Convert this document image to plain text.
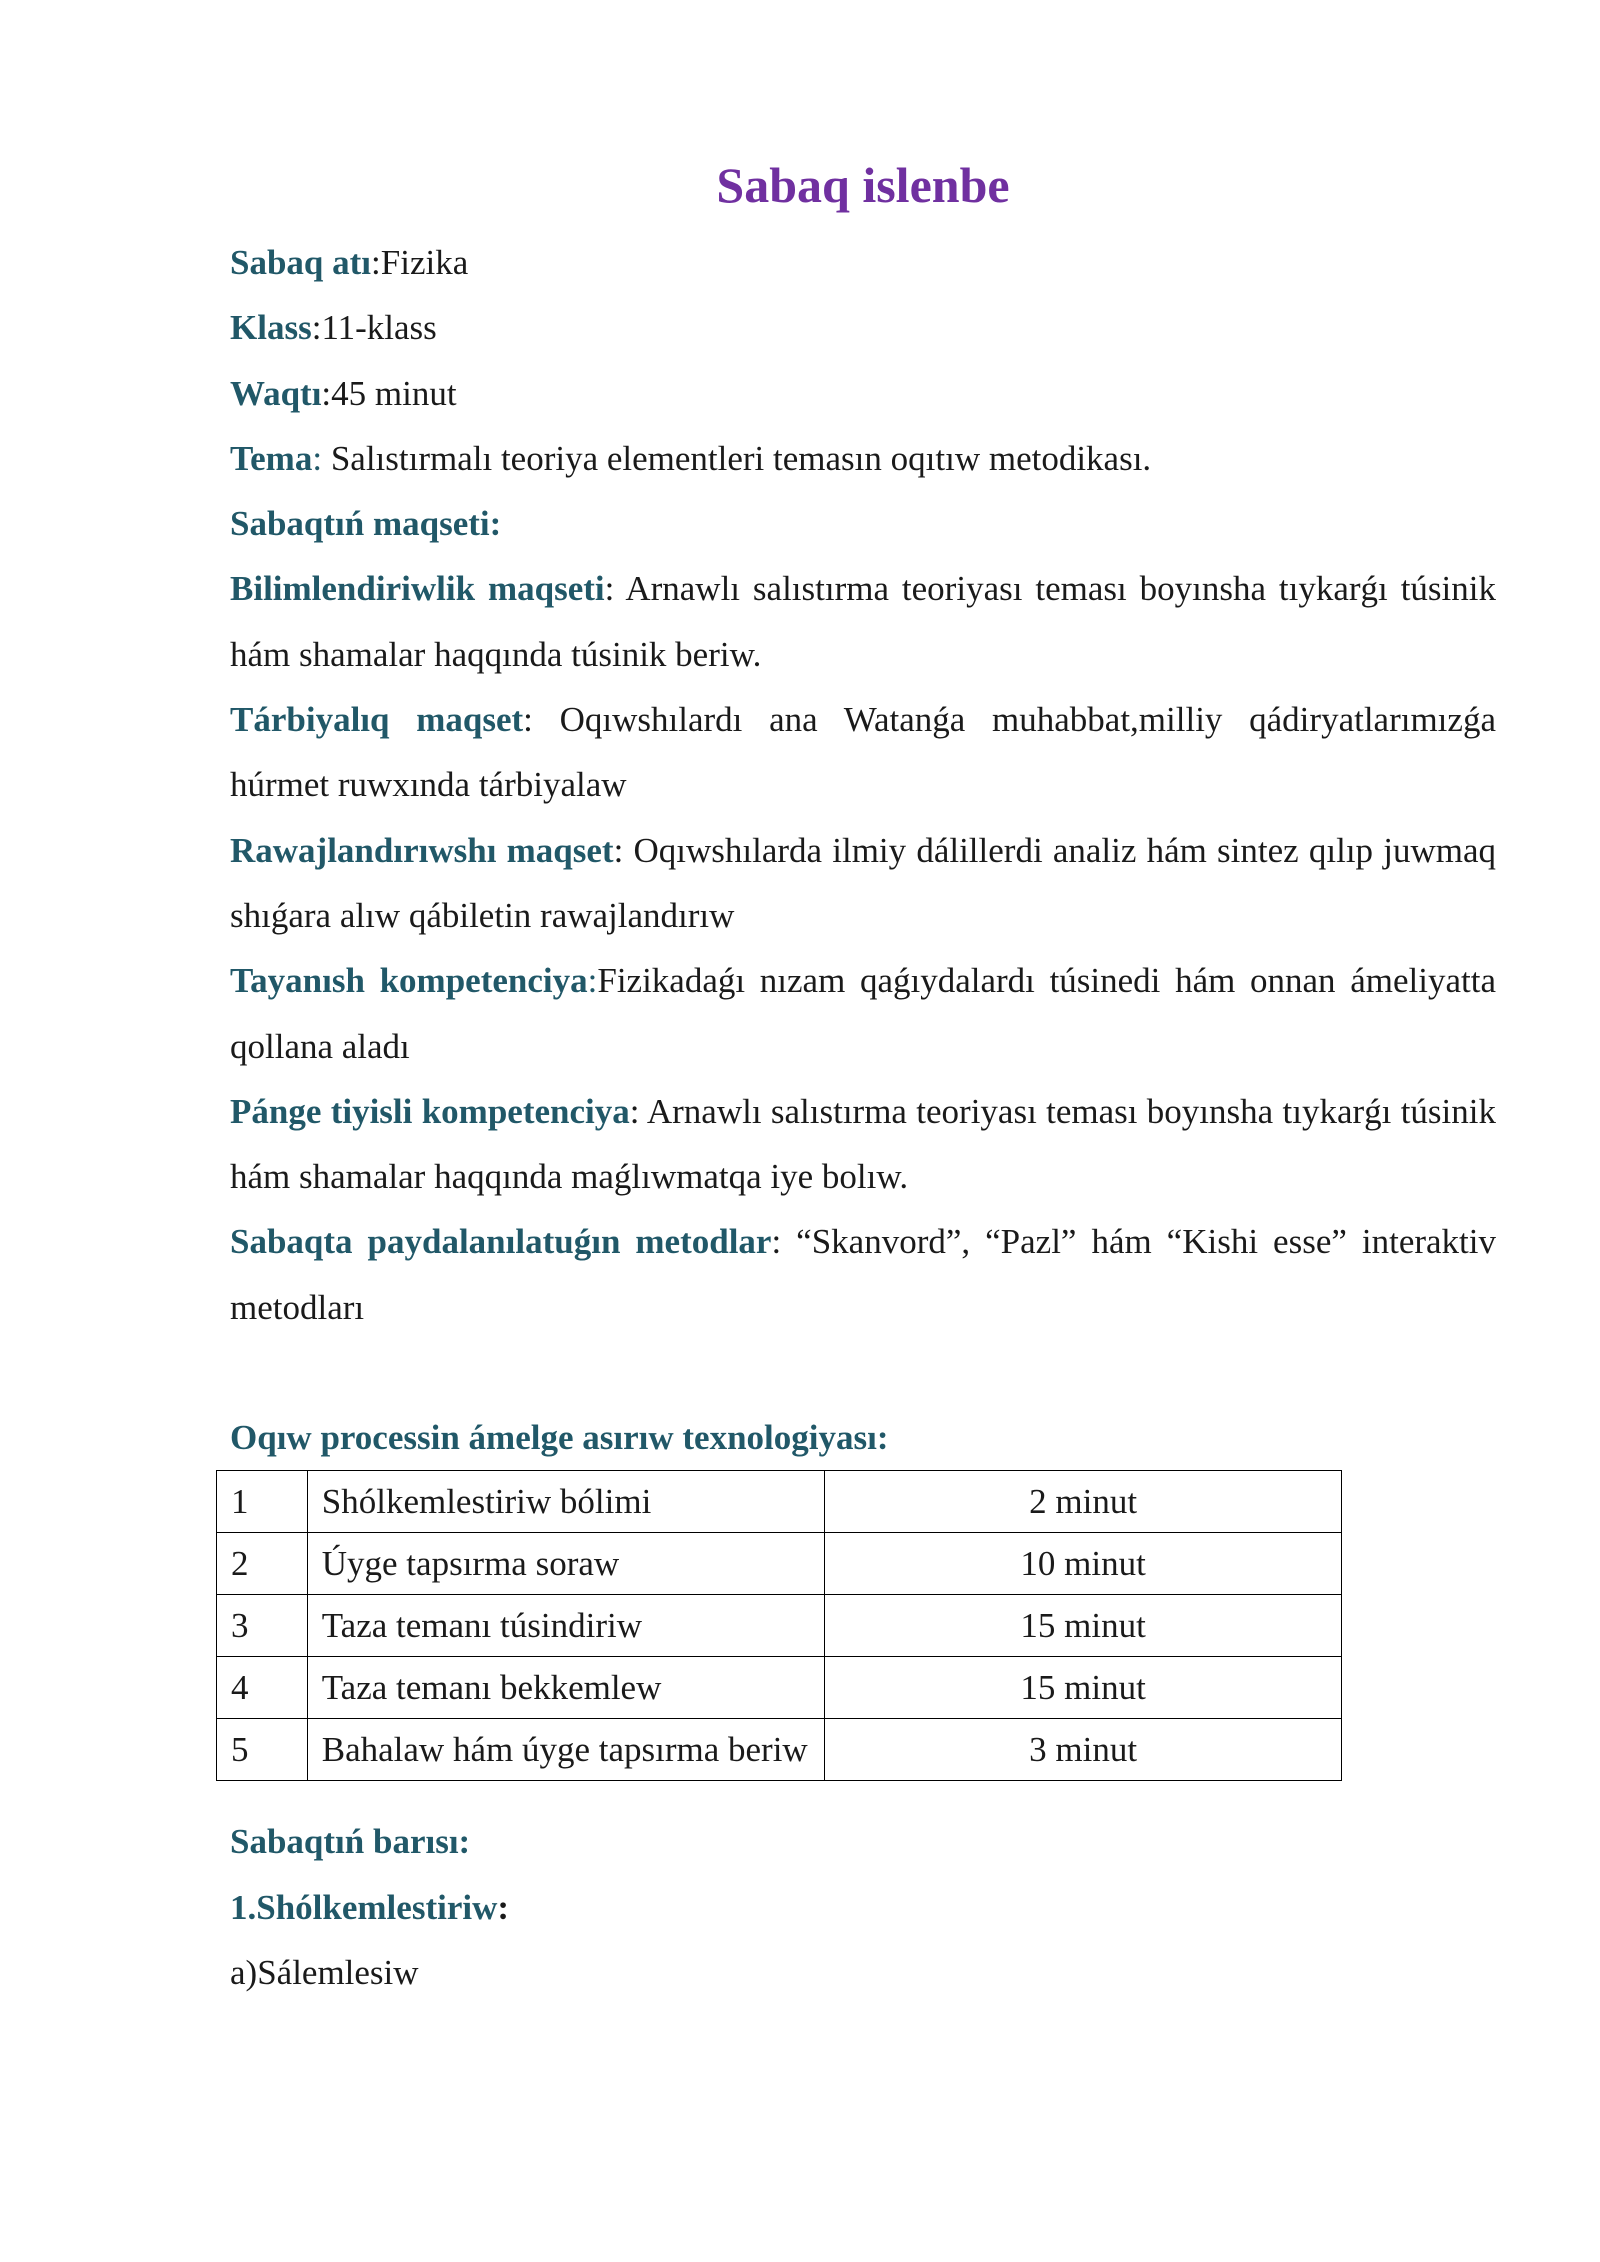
Sabaq islenbe

Sabaq atı:Fizika

Klass:11-klass

Waqtı:45 minut

Tema: Salıstırmalı teoriya elementleri temasın oqıtıw metodikası.

Sabaqtıń maqseti:

Bilimlendiriwlik maqseti: Arnawlı salıstırma teoriyası teması boyınsha tıykarǵı túsinik hám shamalar haqqında túsinik beriw.

Tárbiyalıq maqset: Oqıwshılardı ana Watanǵa muhabbat,milliy qádiryatlarımızǵa húrmet ruwxında tárbiyalaw

Rawajlandırıwshı maqset: Oqıwshılarda ilmiy dálillerdi analiz hám sintez qılıp juwmaq shıǵara alıw qábiletin rawajlandırıw

Tayanısh kompetenciya:Fizikadaǵı nızam qaǵıydalardı túsinedi hám onnan ámeliyatta qollana aladı

Pánge tiyisli kompetenciya: Arnawlı salıstırma teoriyası teması boyınsha tıykarǵı túsinik hám shamalar haqqında maǵlıwmatqa iye bolıw.

Sabaqta paydalanılatuǵın metodlar: “Skanvord”, “Pazl” hám “Kishi esse” interaktiv metodları

Oqıw processin ámelge asırıw texnologiyası:

1	Shólkemlestiriw bólimi	2 minut
2	Úyge tapsırma soraw	10 minut
3	Taza temanı túsindiriw	15 minut
4	Taza temanı bekkemlew	15 minut
5	Bahalaw hám úyge tapsırma beriw	3 minut

Sabaqtıń barısı:

1.Shólkemlestiriw:

a)Sálemlesiw
